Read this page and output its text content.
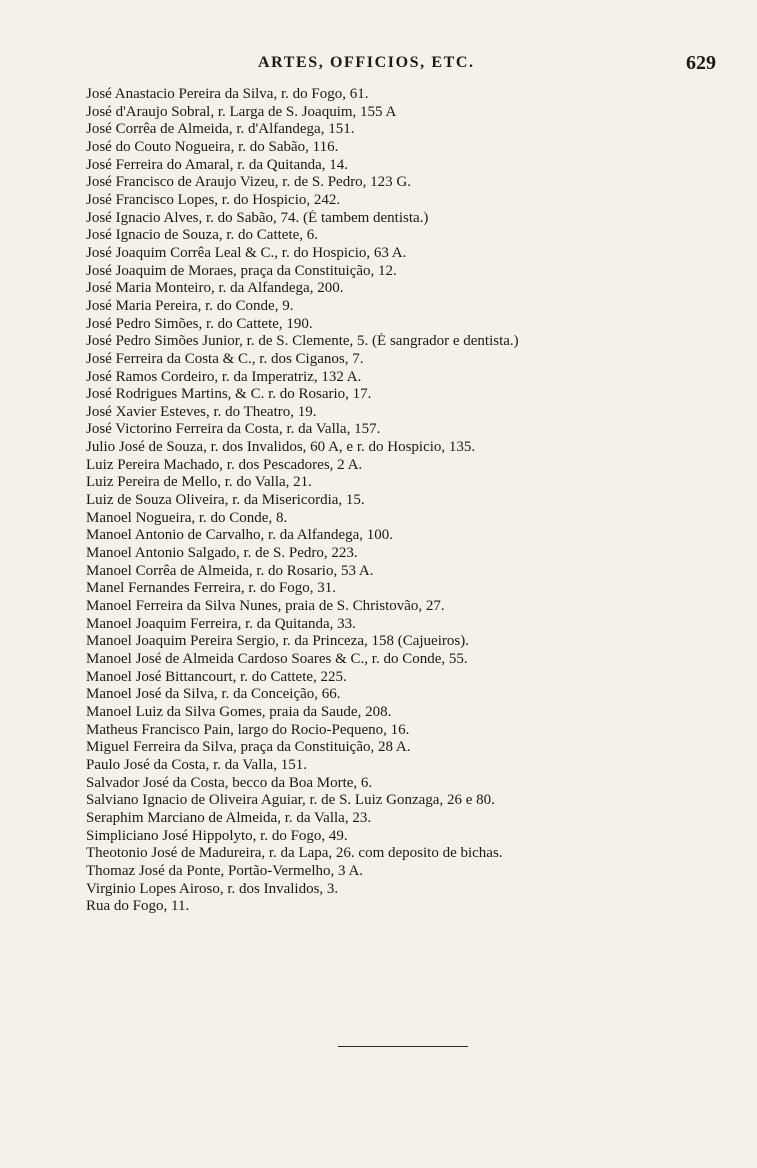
ARTES, OFFICIOS, ETC.	629
José Anastacio Pereira da Silva, r. do Fogo, 61.
José d'Araujo Sobral, r. Larga de S. Joaquim, 155 A
José Corrêa de Almeida, r. d'Alfandega, 151.
José do Couto Nogueira, r. do Sabão, 116.
José Ferreira do Amaral, r. da Quitanda, 14.
José Francisco de Araujo Vizeu, r. de S. Pedro, 123 G.
José Francisco Lopes, r. do Hospicio, 242.
José Ignacio Alves, r. do Sabão, 74. (É tambem dentista.)
José Ignacio de Souza, r. do Cattete, 6.
José Joaquim Corrêa Leal & C., r. do Hospicio, 63 A.
José Joaquim de Moraes, praça da Constituição, 12.
José Maria Monteiro, r. da Alfandega, 200.
José Maria Pereira, r. do Conde, 9.
José Pedro Simões, r. do Cattete, 190.
José Pedro Simões Junior, r. de S. Clemente, 5. (É sangrador e dentista.)
José Ferreira da Costa & C., r. dos Ciganos, 7.
José Ramos Cordeiro, r. da Imperatriz, 132 A.
José Rodrigues Martins, & C. r. do Rosario, 17.
José Xavier Esteves, r. do Theatro, 19.
José Victorino Ferreira da Costa, r. da Valla, 157.
Julio José de Souza, r. dos Invalidos, 60 A, e r. do Hospicio, 135.
Luiz Pereira Machado, r. dos Pescadores, 2 A.
Luiz Pereira de Mello, r. do Valla, 21.
Luiz de Souza Oliveira, r. da Misericordia, 15.
Manoel Nogueira, r. do Conde, 8.
Manoel Antonio de Carvalho, r. da Alfandega, 100.
Manoel Antonio Salgado, r. de S. Pedro, 223.
Manoel Corrêa de Almeida, r. do Rosario, 53 A.
Manel Fernandes Ferreira, r. do Fogo, 31.
Manoel Ferreira da Silva Nunes, praia de S. Christovão, 27.
Manoel Joaquim Ferreira, r. da Quitanda, 33.
Manoel Joaquim Pereira Sergio, r. da Princeza, 158 (Cajueiros).
Manoel José de Almeida Cardoso Soares & C., r. do Conde, 55.
Manoel José Bittancourt, r. do Cattete, 225.
Manoel José da Silva, r. da Conceição, 66.
Manoel Luiz da Silva Gomes, praia da Saude, 208.
Matheus Francisco Pain, largo do Rocio-Pequeno, 16.
Miguel Ferreira da Silva, praça da Constituição, 28 A.
Paulo José da Costa, r. da Valla, 151.
Salvador José da Costa, becco da Boa Morte, 6.
Salviano Ignacio de Oliveira Aguiar, r. de S. Luiz Gonzaga, 26 e 80.
Seraphim Marciano de Almeida, r. da Valla, 23.
Simpliciano José Hippolyto, r. do Fogo, 49.
Theotonio José de Madureira, r. da Lapa, 26. com deposito de bichas.
Thomaz José da Ponte, Portão-Vermelho, 3 A.
Virginio Lopes Airoso, r. dos Invalidos, 3.
Rua do Fogo, 11.
